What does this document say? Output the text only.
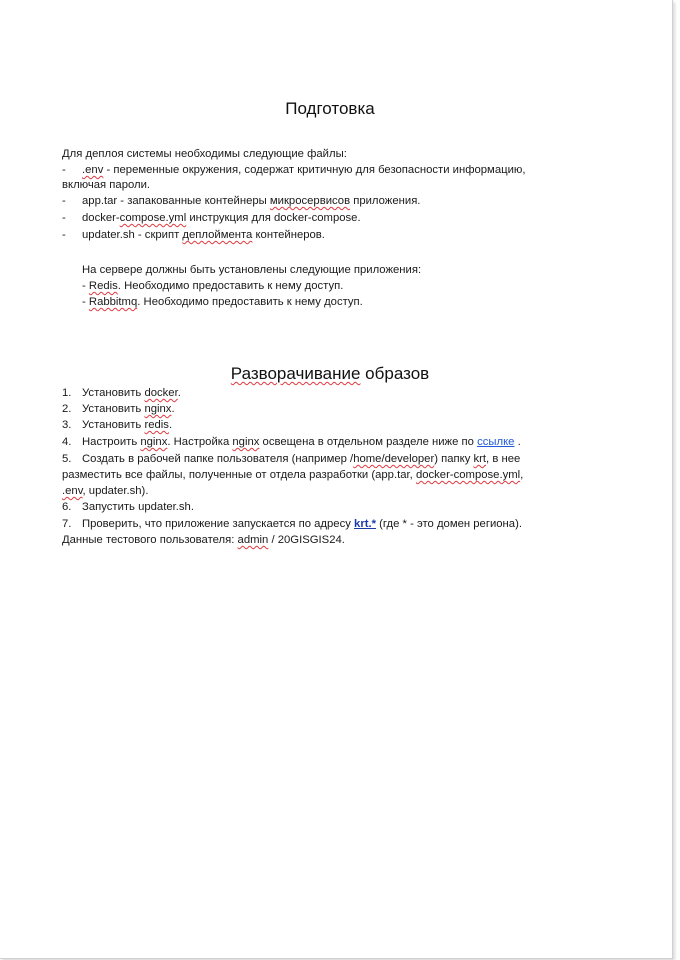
Подготовка
Для деплоя системы необходимы следующие файлы:
- .env - переменные окружения, содержат критичную для безопасности информацию,
включая пароли.
- app.tar - запакованные контейнеры микросервисов приложения.
- docker-compose.yml инструкция для docker-compose.
- updater.sh - скрипт деплоймента контейнеров.
На сервере должны быть установлены следующие приложения:
- Redis. Необходимо предоставить к нему доступ.
- Rabbitmq. Необходимо предоставить к нему доступ.
Разворачивание образов
1. Установить docker.
2. Установить nginx.
3. Установить redis.
4. Настроить nginx. Настройка nginx освещена в отдельном разделе ниже по ссылке .
5. Создать в рабочей папке пользователя (например /home/developer) папку krt, в нее
разместить все файлы, полученные от отдела разработки (app.tar, docker-compose.yml,
.env, updater.sh).
6. Запустить updater.sh.
7. Проверить, что приложение запускается по адресу krt.* (где * - это домен региона).
Данные тестового пользователя: admin / 20GISGIS24.
